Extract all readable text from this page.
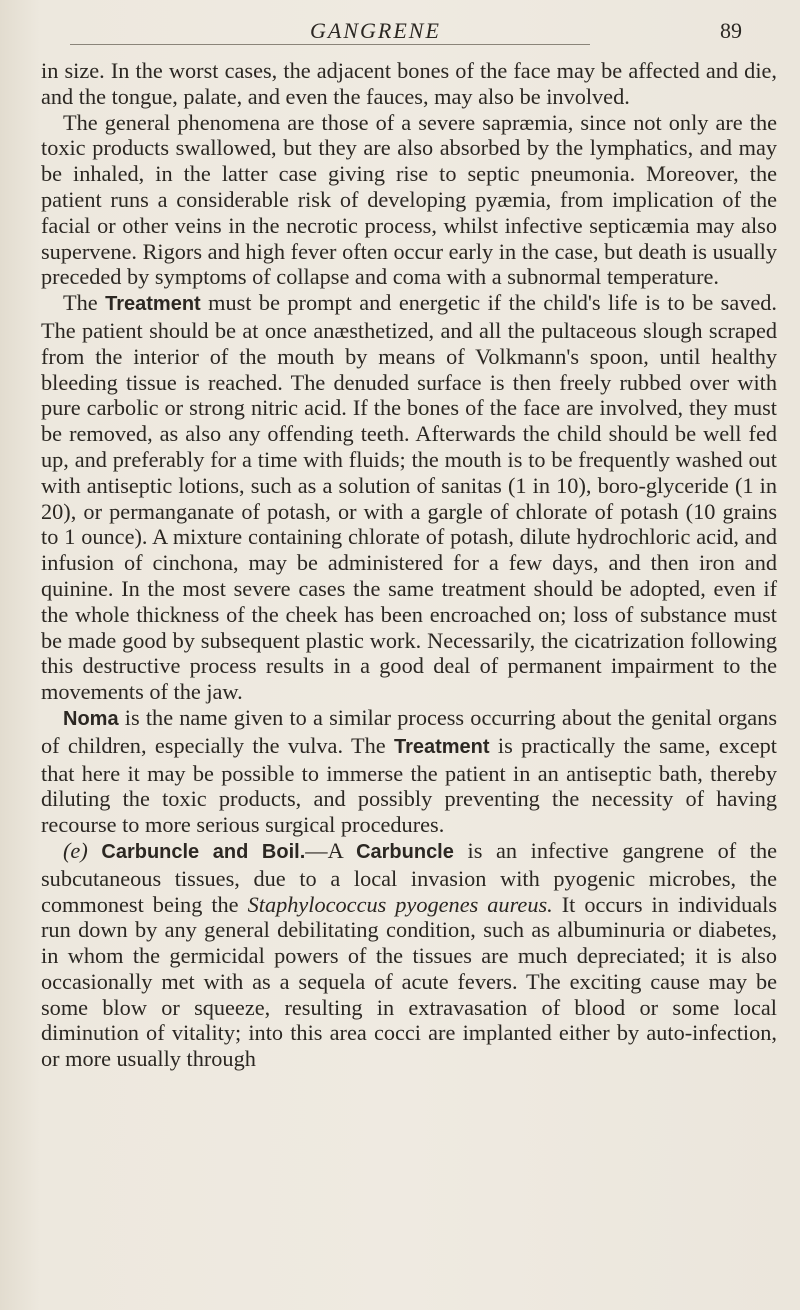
GANGRENE	89

in size. In the worst cases, the adjacent bones of the face may be affected and die, and the tongue, palate, and even the fauces, may also be involved.

The general phenomena are those of a severe sapræmia, since not only are the toxic products swallowed, but they are also absorbed by the lymphatics, and may be inhaled, in the latter case giving rise to septic pneumonia. Moreover, the patient runs a considerable risk of developing pyæmia, from implication of the facial or other veins in the necrotic process, whilst infective septicæmia may also supervene. Rigors and high fever often occur early in the case, but death is usually preceded by symptoms of collapse and coma with a subnormal temperature.

The Treatment must be prompt and energetic if the child's life is to be saved. The patient should be at once anæsthetized, and all the pultaceous slough scraped from the interior of the mouth by means of Volkmann's spoon, until healthy bleeding tissue is reached. The denuded surface is then freely rubbed over with pure carbolic or strong nitric acid. If the bones of the face are involved, they must be removed, as also any offending teeth. Afterwards the child should be well fed up, and preferably for a time with fluids; the mouth is to be frequently washed out with antiseptic lotions, such as a solution of sanitas (1 in 10), boro-glyceride (1 in 20), or permanganate of potash, or with a gargle of chlorate of potash (10 grains to 1 ounce). A mixture containing chlorate of potash, dilute hydrochloric acid, and infusion of cinchona, may be administered for a few days, and then iron and quinine. In the most severe cases the same treatment should be adopted, even if the whole thickness of the cheek has been encroached on; loss of substance must be made good by subsequent plastic work. Necessarily, the cicatrization following this destructive process results in a good deal of permanent impairment to the movements of the jaw.

Noma is the name given to a similar process occurring about the genital organs of children, especially the vulva. The Treatment is practically the same, except that here it may be possible to immerse the patient in an antiseptic bath, thereby diluting the toxic products, and possibly preventing the necessity of having recourse to more serious surgical procedures.

(e) Carbuncle and Boil.—A Carbuncle is an infective gangrene of the subcutaneous tissues, due to a local invasion with pyogenic microbes, the commonest being the Staphylococcus pyogenes aureus. It occurs in individuals run down by any general debilitating condition, such as albuminuria or diabetes, in whom the germicidal powers of the tissues are much depreciated; it is also occasionally met with as a sequela of acute fevers. The exciting cause may be some blow or squeeze, resulting in extravasation of blood or some local diminution of vitality; into this area cocci are implanted either by auto-infection, or more usually through
